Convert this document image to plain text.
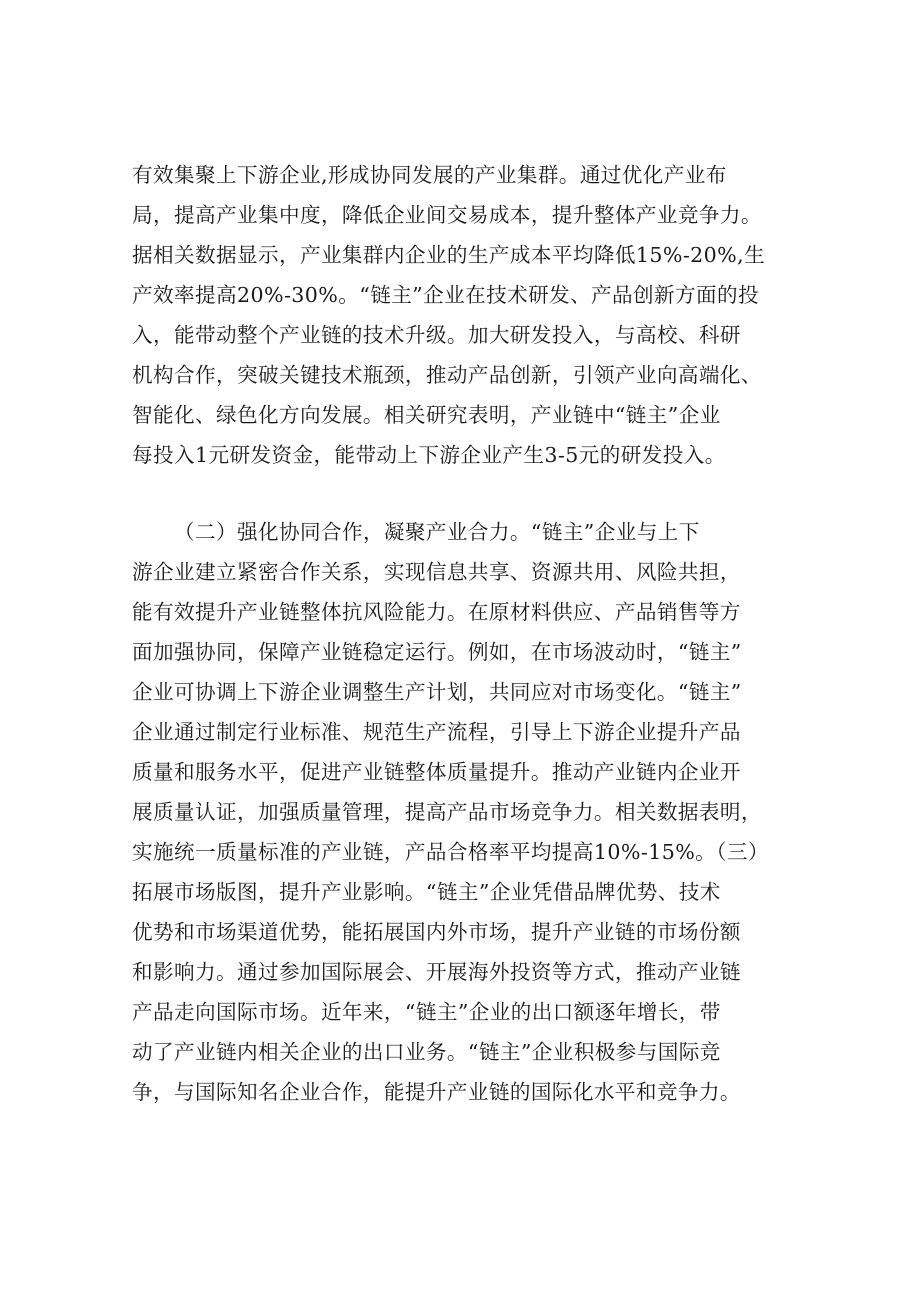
有效集聚上下游企业,形成协同发展的产业集群。通过优化产业布
局，提高产业集中度，降低企业间交易成本，提升整体产业竞争力。
据相关数据显示，产业集群内企业的生产成本平均降低15%-20%,生
产效率提高20%-30%。“链主”企业在技术研发、产品创新方面的投
入，能带动整个产业链的技术升级。加大研发投入，与高校、科研
机构合作，突破关键技术瓶颈，推动产品创新，引领产业向高端化、
智能化、绿色化方向发展。相关研究表明，产业链中“链主”企业
每投入1元研发资金，能带动上下游企业产生3-5元的研发投入。
（二）强化协同合作，凝聚产业合力。“链主”企业与上下
游企业建立紧密合作关系，实现信息共享、资源共用、风险共担，
能有效提升产业链整体抗风险能力。在原材料供应、产品销售等方
面加强协同，保障产业链稳定运行。例如，在市场波动时，“链主”
企业可协调上下游企业调整生产计划，共同应对市场变化。“链主”
企业通过制定行业标准、规范生产流程，引导上下游企业提升产品
质量和服务水平，促进产业链整体质量提升。推动产业链内企业开
展质量认证，加强质量管理，提高产品市场竞争力。相关数据表明，
实施统一质量标准的产业链，产品合格率平均提高10%-15%。（三）
拓展市场版图，提升产业影响。“链主”企业凭借品牌优势、技术
优势和市场渠道优势，能拓展国内外市场，提升产业链的市场份额
和影响力。通过参加国际展会、开展海外投资等方式，推动产业链
产品走向国际市场。近年来，“链主”企业的出口额逐年增长，带
动了产业链内相关企业的出口业务。“链主”企业积极参与国际竞
争，与国际知名企业合作，能提升产业链的国际化水平和竞争力。
